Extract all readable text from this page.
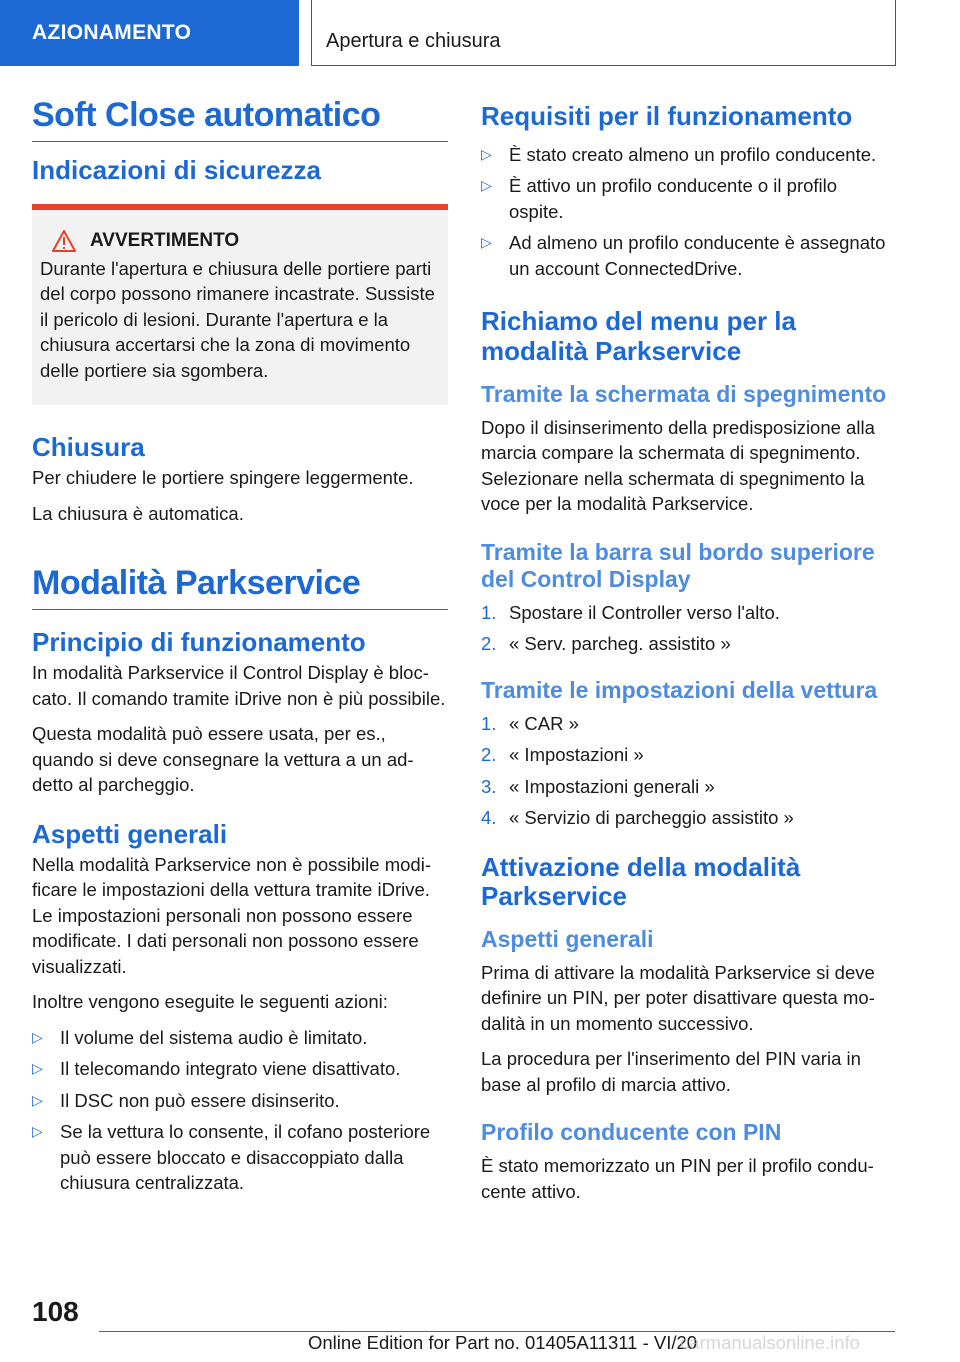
AZIONAMENTO	Apertura e chiusura
Soft Close automatico
Indicazioni di sicurezza
AVVERTIMENTO

Durante l'apertura e chiusura delle portiere parti del corpo possono rimanere incastrate. Sussiste il pericolo di lesioni. Durante l'apertura e la chiusura accertarsi che la zona di movimento delle portiere sia sgombera.

Chiusura

Per chiudere le portiere spingere leggermente.

La chiusura è automatica.

Modalità Parkservice
Principio di funzionamento

In modalità Parkservice il Control Display è bloccato. Il comando tramite iDrive non è più possibile.

Questa modalità può essere usata, per es., quando si deve consegnare la vettura a un addetto al parcheggio.

Aspetti generali

Nella modalità Parkservice non è possibile modificare le impostazioni della vettura tramite iDrive. Le impostazioni personali non possono essere modificate. I dati personali non possono essere visualizzati.

Inoltre vengono eseguite le seguenti azioni:

▷ Il volume del sistema audio è limitato.
▷ Il telecomando integrato viene disattivato.
▷ Il DSC non può essere disinserito.
▷ Se la vettura lo consente, il cofano posteriore può essere bloccato e disaccoppiato dalla chiusura centralizzata.
Requisiti per il funzionamento
▷ È stato creato almeno un profilo conducente.
▷ È attivo un profilo conducente o il profilo ospite.
▷ Ad almeno un profilo conducente è assegnato un account ConnectedDrive.
Richiamo del menu per la modalità Parkservice
Tramite la schermata di spegnimento

Dopo il disinserimento della predisposizione alla marcia compare la schermata di spegnimento. Selezionare nella schermata di spegnimento la voce per la modalità Parkservice.

Tramite la barra sul bordo superiore del Control Display
1. Spostare il Controller verso l'alto.
2. « Serv. parcheg. assistito »
Tramite le impostazioni della vettura
1. « CAR »
2. « Impostazioni »
3. « Impostazioni generali »
4. « Servizio di parcheggio assistito »
Attivazione della modalità Parkservice
Aspetti generali

Prima di attivare la modalità Parkservice si deve definire un PIN, per poter disattivare questa modalità in un momento successivo.

La procedura per l'inserimento del PIN varia in base al profilo di marcia attivo.

Profilo conducente con PIN

È stato memorizzato un PIN per il profilo conducente attivo.

108
Online Edition for Part no. 01405A11311 - VI/20
carmanualsonline.info
